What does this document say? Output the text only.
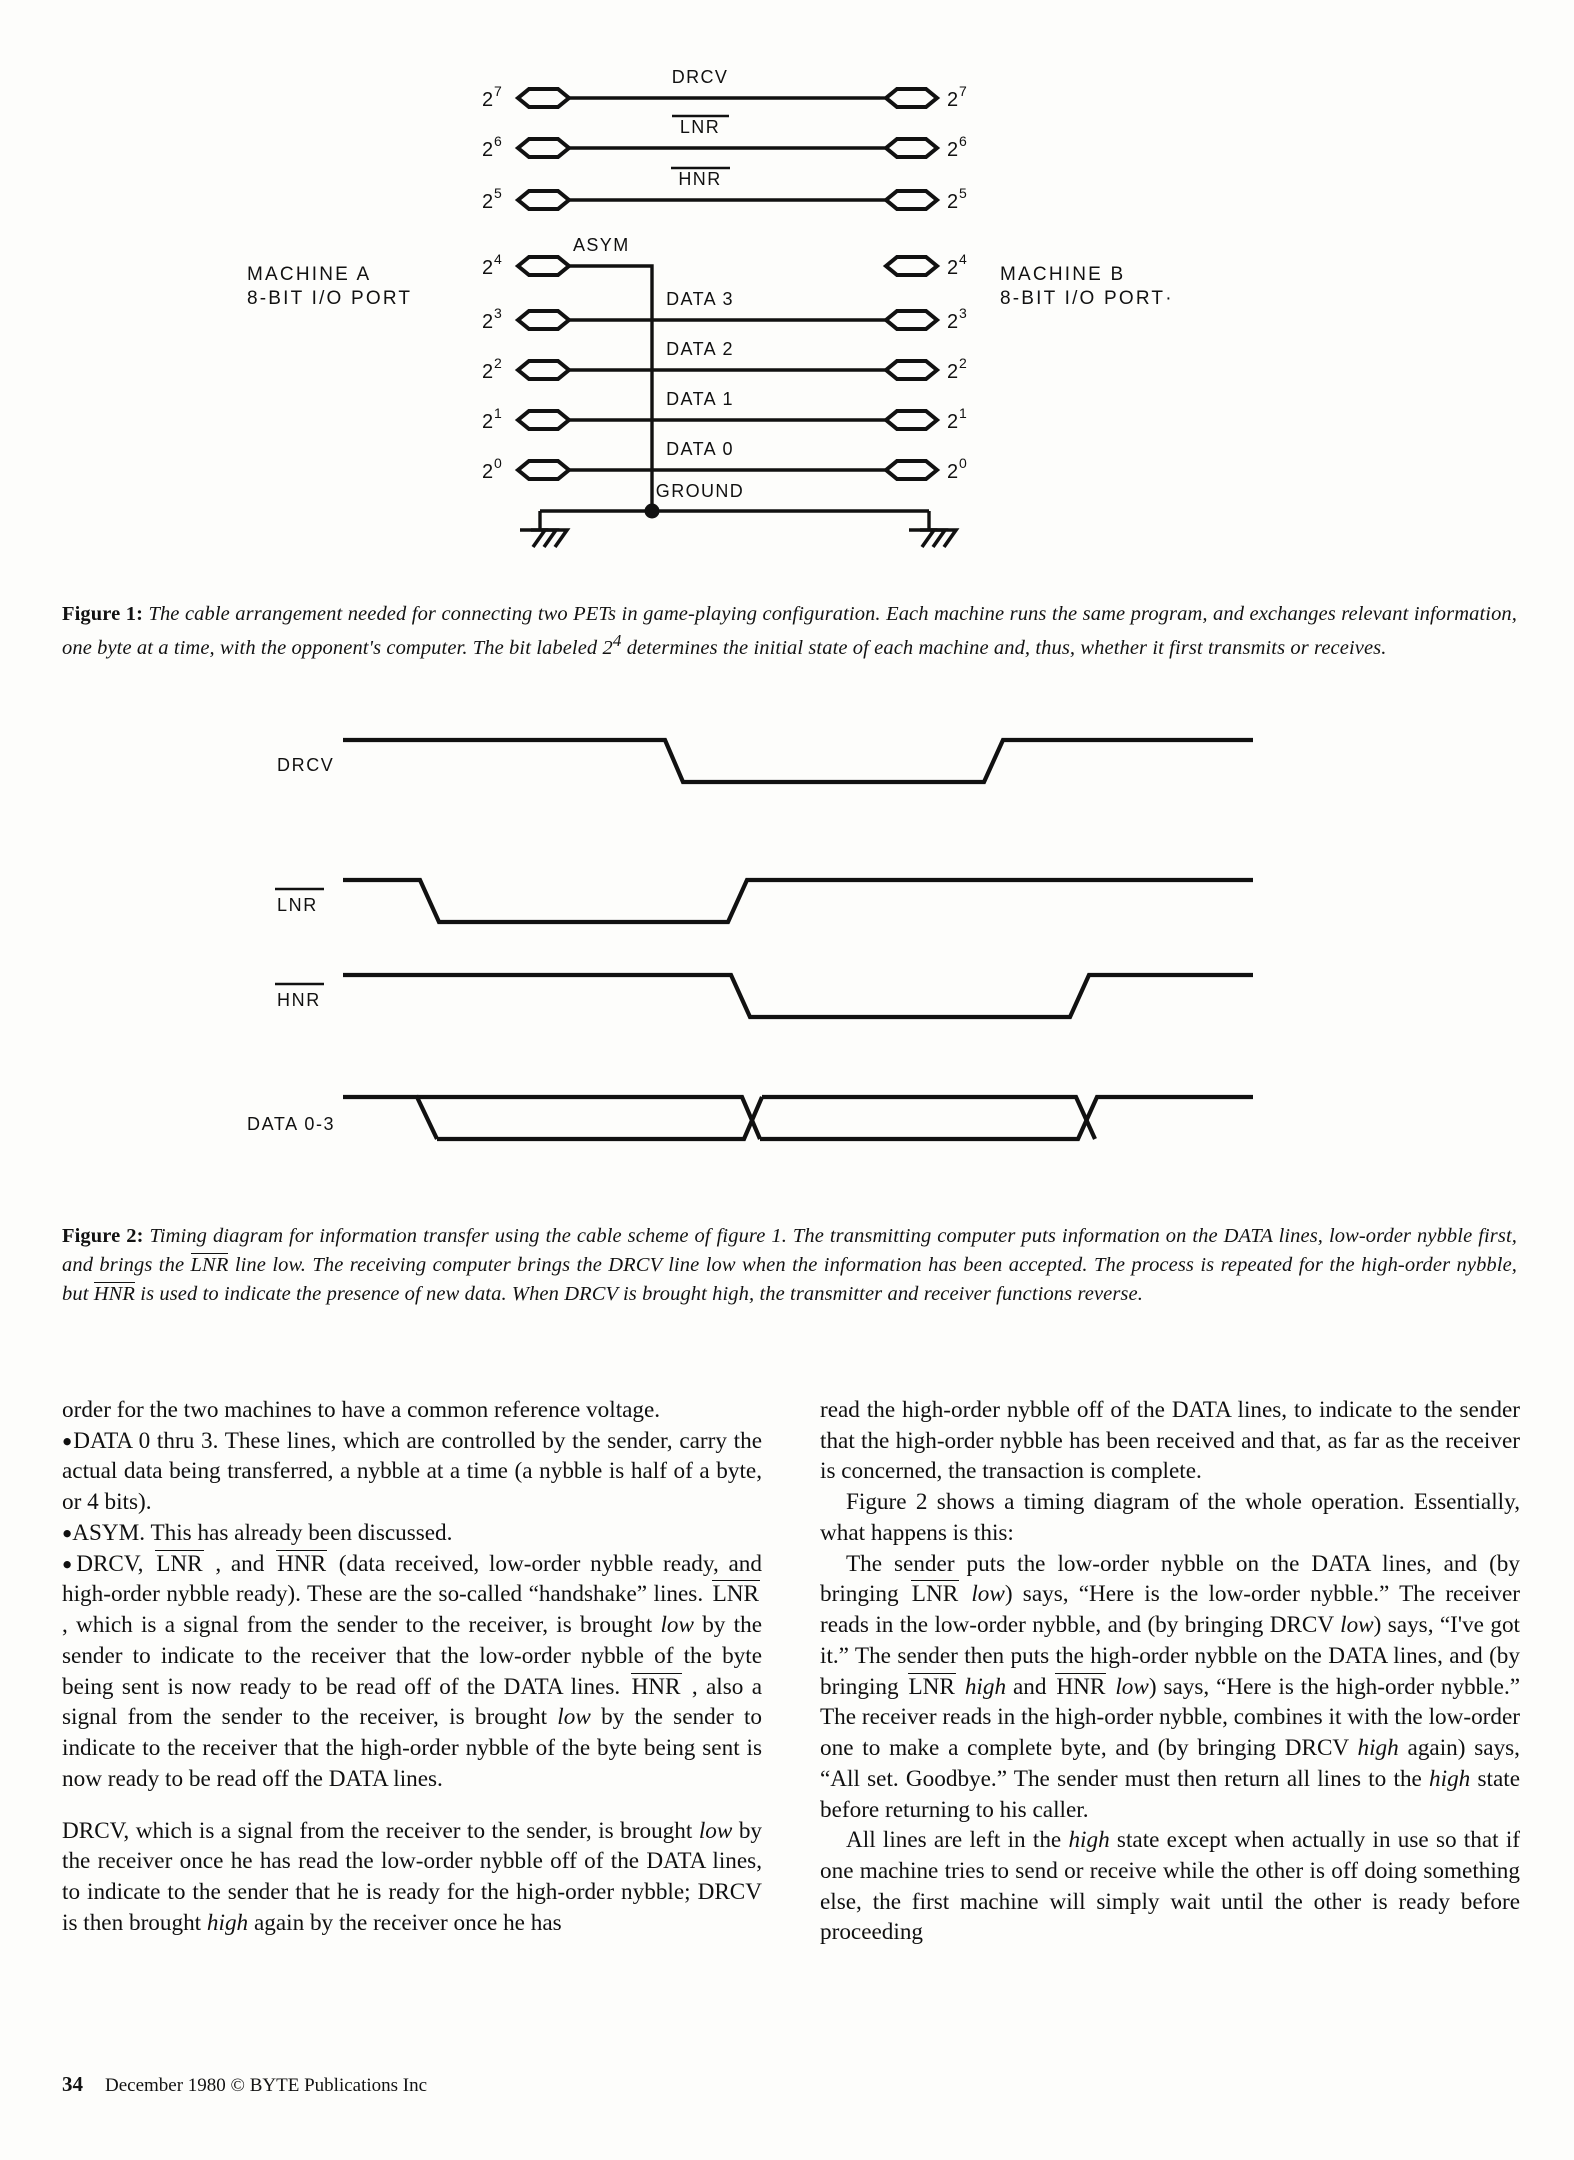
MACHINE A
8-BIT I/O PORT
MACHINE B
8-BIT I/O PORT·
2 7
DRCV
2 7
2 6
LNR
2 6
2 5
HNR
2 5
2 4
ASYM
2 4
2 3
DATA 3
2 3
2 2
DATA 2
2 2
2 1
DATA 1
2 1
2 0
DATA 0
2 0
GROUND
Figure 1: The cable arrangement needed for connecting two PETs in game-playing configuration. Each machine runs the same program, and exchanges relevant information, one byte at a time, with the opponent's computer. The bit labeled $2^4$ determines the initial state of each machine and, thus, whether it first transmits or receives.
DRCV
LNR
HNR
DATA 0-3
Figure 2: Timing diagram for information transfer using the cable scheme of figure 1. The transmitting computer puts information on the DATA lines, low-order nybble first, and brings the LNR line low. The receiving computer brings the DRCV line low when the information has been accepted. The process is repeated for the high-order nybble, but HNR is used to indicate the presence of new data. When DRCV is brought high, the transmitter and receiver functions reverse.

order for the two machines to have a common reference voltage.

●DATA 0 thru 3. These lines, which are controlled by the sender, carry the actual data being transferred, a nybble at a time (a nybble is half of a byte, or 4 bits).

●ASYM. This has already been discussed.

●DRCV, LNR , and HNR (data received, low-order nybble ready, and high-order nybble ready). These are the so-called “handshake” lines. LNR , which is a signal from the sender to the receiver, is brought low by the sender to indicate to the receiver that the low-order nybble of the byte being sent is now ready to be read off of the DATA lines. HNR , also a signal from the sender to the receiver, is brought low by the sender to indicate to the receiver that the high-order nybble of the byte being sent is now ready to be read off the DATA lines.

DRCV, which is a signal from the receiver to the sender, is brought low by the receiver once he has read the low-order nybble off of the DATA lines, to indicate to the sender that he is ready for the high-order nybble; DRCV is then brought high again by the receiver once he has

read the high-order nybble off of the DATA lines, to indicate to the sender that the high-order nybble has been received and that, as far as the receiver is concerned, the transaction is complete.

Figure 2 shows a timing diagram of the whole operation. Essentially, what happens is this:

The sender puts the low-order nybble on the DATA lines, and (by bringing LNR low) says, “Here is the low-order nybble.” The receiver reads in the low-order nybble, and (by bringing DRCV low) says, “I've got it.” The sender then puts the high-order nybble on the DATA lines, and (by bringing LNR high and HNR low) says, “Here is the high-order nybble.” The receiver reads in the high-order nybble, combines it with the low-order one to make a complete byte, and (by bringing DRCV high again) says, “All set. Goodbye.” The sender must then return all lines to the high state before returning to his caller.

All lines are left in the high state except when actually in use so that if one machine tries to send or receive while the other is off doing something else, the first machine will simply wait until the other is ready before proceeding

34 December 1980 © BYTE Publications Inc
